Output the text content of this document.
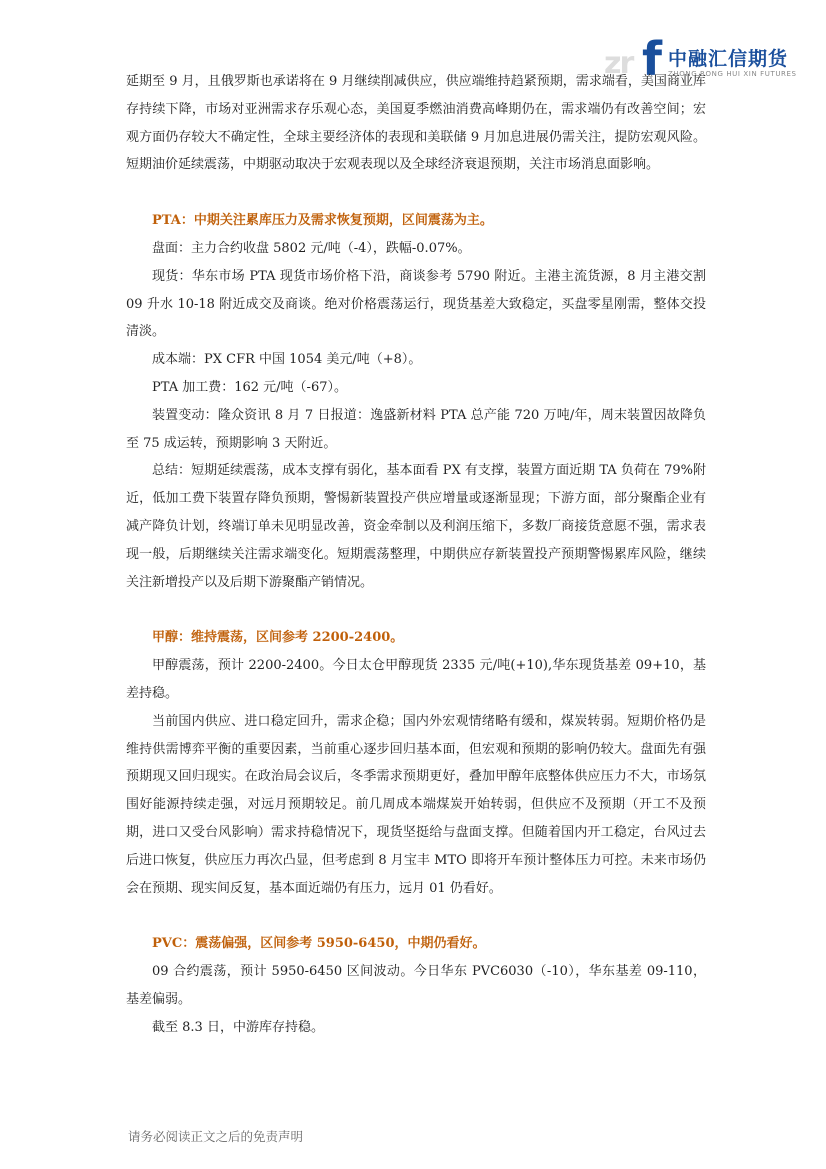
zr f 中融汇信期货
ZHONG RONG HUI XIN FUTURES

延期至 9 月，且俄罗斯也承诺将在 9 月继续削减供应，供应端维持趋紧预期，需求端看，美国商业库存持续下降，市场对亚洲需求存乐观心态，美国夏季燃油消费高峰期仍在，需求端仍有改善空间；宏观方面仍存较大不确定性，全球主要经济体的表现和美联储 9 月加息进展仍需关注，提防宏观风险。短期油价延续震荡，中期驱动取决于宏观表现以及全球经济衰退预期，关注市场消息面影响。

PTA：中期关注累库压力及需求恢复预期，区间震荡为主。

盘面：主力合约收盘 5802 元/吨（-4），跌幅-0.07%。

现货：华东市场 PTA 现货市场价格下沿，商谈参考 5790 附近。主港主流货源，8 月主港交割 09 升水 10-18 附近成交及商谈。绝对价格震荡运行，现货基差大致稳定，买盘零星刚需，整体交投清淡。

成本端：PX CFR 中国 1054 美元/吨（+8）。

PTA 加工费：162 元/吨（-67）。

装置变动：隆众资讯 8 月 7 日报道：逸盛新材料 PTA 总产能 720 万吨/年，周末装置因故降负至 75 成运转，预期影响 3 天附近。

总结：短期延续震荡，成本支撑有弱化，基本面看 PX 有支撑，装置方面近期 TA 负荷在 79%附近，低加工费下装置存降负预期，警惕新装置投产供应增量或逐渐显现；下游方面，部分聚酯企业有减产降负计划，终端订单未见明显改善，资金牵制以及利润压缩下，多数厂商接货意愿不强，需求表现一般，后期继续关注需求端变化。短期震荡整理，中期供应存新装置投产预期警惕累库风险，继续关注新增投产以及后期下游聚酯产销情况。

甲醇：维持震荡，区间参考 2200-2400。

甲醇震荡，预计 2200-2400。今日太仓甲醇现货 2335 元/吨(+10),华东现货基差 09+10，基差持稳。

当前国内供应、进口稳定回升，需求企稳；国内外宏观情绪略有缓和，煤炭转弱。短期价格仍是维持供需博弈平衡的重要因素，当前重心逐步回归基本面，但宏观和预期的影响仍较大。盘面先有强预期现又回归现实。在政治局会议后，冬季需求预期更好，叠加甲醇年底整体供应压力不大，市场氛围好能源持续走强，对远月预期较足。前几周成本端煤炭开始转弱，但供应不及预期（开工不及预期，进口又受台风影响）需求持稳情况下，现货坚挺给与盘面支撑。但随着国内开工稳定，台风过去后进口恢复，供应压力再次凸显，但考虑到 8 月宝丰 MTO 即将开车预计整体压力可控。未来市场仍会在预期、现实间反复，基本面近端仍有压力，远月 01 仍看好。

PVC：震荡偏强，区间参考 5950-6450，中期仍看好。

09 合约震荡，预计 5950-6450 区间波动。今日华东 PVC6030（-10），华东基差 09-110，基差偏弱。

截至 8.3 日，中游库存持稳。

请务必阅读正文之后的免责声明
